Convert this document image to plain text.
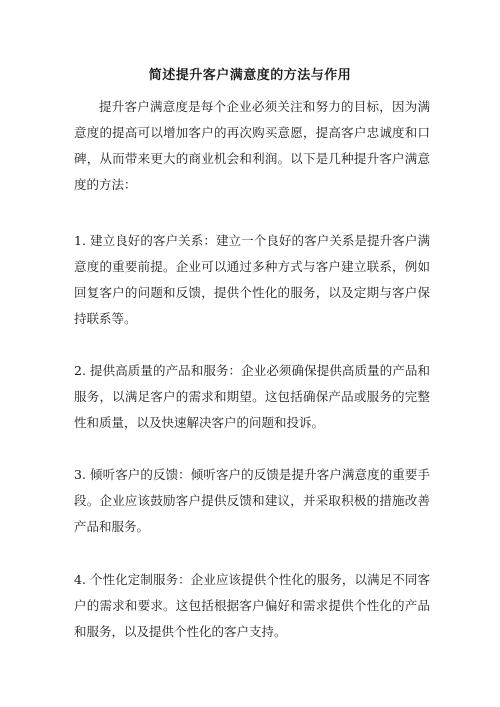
简述提升客户满意度的方法与作用

提升客户满意度是每个企业必须关注和努力的目标，因为满意度的提高可以增加客户的再次购买意愿，提高客户忠诚度和口碑，从而带来更大的商业机会和利润。以下是几种提升客户满意度的方法：

1. 建立良好的客户关系：建立一个良好的客户关系是提升客户满意度的重要前提。企业可以通过多种方式与客户建立联系，例如回复客户的问题和反馈，提供个性化的服务，以及定期与客户保持联系等。

2. 提供高质量的产品和服务：企业必须确保提供高质量的产品和服务，以满足客户的需求和期望。这包括确保产品或服务的完整性和质量，以及快速解决客户的问题和投诉。

3. 倾听客户的反馈：倾听客户的反馈是提升客户满意度的重要手段。企业应该鼓励客户提供反馈和建议，并采取积极的措施改善产品和服务。

4. 个性化定制服务：企业应该提供个性化的服务，以满足不同客户的需求和要求。这包括根据客户偏好和需求提供个性化的产品和服务，以及提供个性化的客户支持。
